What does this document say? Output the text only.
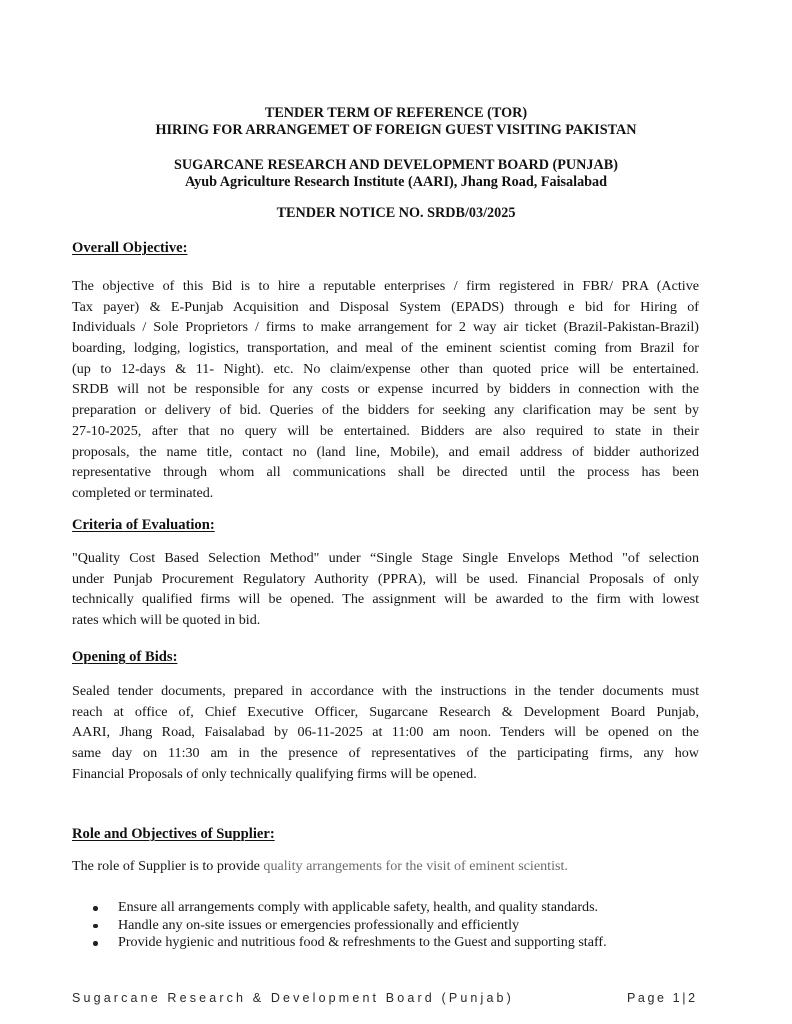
TENDER TERM OF REFERENCE (TOR)
HIRING FOR ARRANGEMET OF FOREIGN GUEST VISITING PAKISTAN
SUGARCANE RESEARCH AND DEVELOPMENT BOARD (PUNJAB)
Ayub Agriculture Research Institute (AARI), Jhang Road, Faisalabad
TENDER NOTICE NO. SRDB/03/2025
Overall Objective:
The objective of this Bid is to hire a reputable enterprises / firm registered in FBR/ PRA (Active
Tax payer) & E-Punjab Acquisition and Disposal System (EPADS) through e bid for Hiring of
Individuals / Sole Proprietors / firms to make arrangement for 2 way air ticket (Brazil-Pakistan-Brazil)
boarding, lodging, logistics, transportation, and meal of the eminent scientist coming from Brazil for
(up to 12-days & 11- Night). etc. No claim/expense other than quoted price will be entertained.
SRDB will not be responsible for any costs or expense incurred by bidders in connection with the
preparation or delivery of bid. Queries of the bidders for seeking any clarification may be sent by
27-10-2025, after that no query will be entertained. Bidders are also required to state in their
proposals, the name title, contact no (land line, Mobile), and email address of bidder authorized
representative through whom all communications shall be directed until the process has been
completed or terminated.
Criteria of Evaluation:
"Quality Cost Based Selection Method" under “Single Stage Single Envelops Method "of selection
under Punjab Procurement Regulatory Authority (PPRA), will be used. Financial Proposals of only
technically qualified firms will be opened. The assignment will be awarded to the firm with lowest
rates which will be quoted in bid.
Opening of Bids:
Sealed tender documents, prepared in accordance with the instructions in the tender documents must
reach at office of, Chief Executive Officer, Sugarcane Research & Development Board Punjab,
AARI, Jhang Road, Faisalabad by 06-11-2025 at 11:00 am noon. Tenders will be opened on the
same day on 11:30 am in the presence of representatives of the participating firms, any how
Financial Proposals of only technically qualifying firms will be opened.
Role and Objectives of Supplier:
The role of Supplier is to provide quality arrangements for the visit of eminent scientist.
Ensure all arrangements comply with applicable safety, health, and quality standards.
Handle any on-site issues or emergencies professionally and efficiently
Provide hygienic and nutritious food & refreshments to the Guest and supporting staff.
Sugarcane Research & Development Board (Punjab)	Page 1|2
